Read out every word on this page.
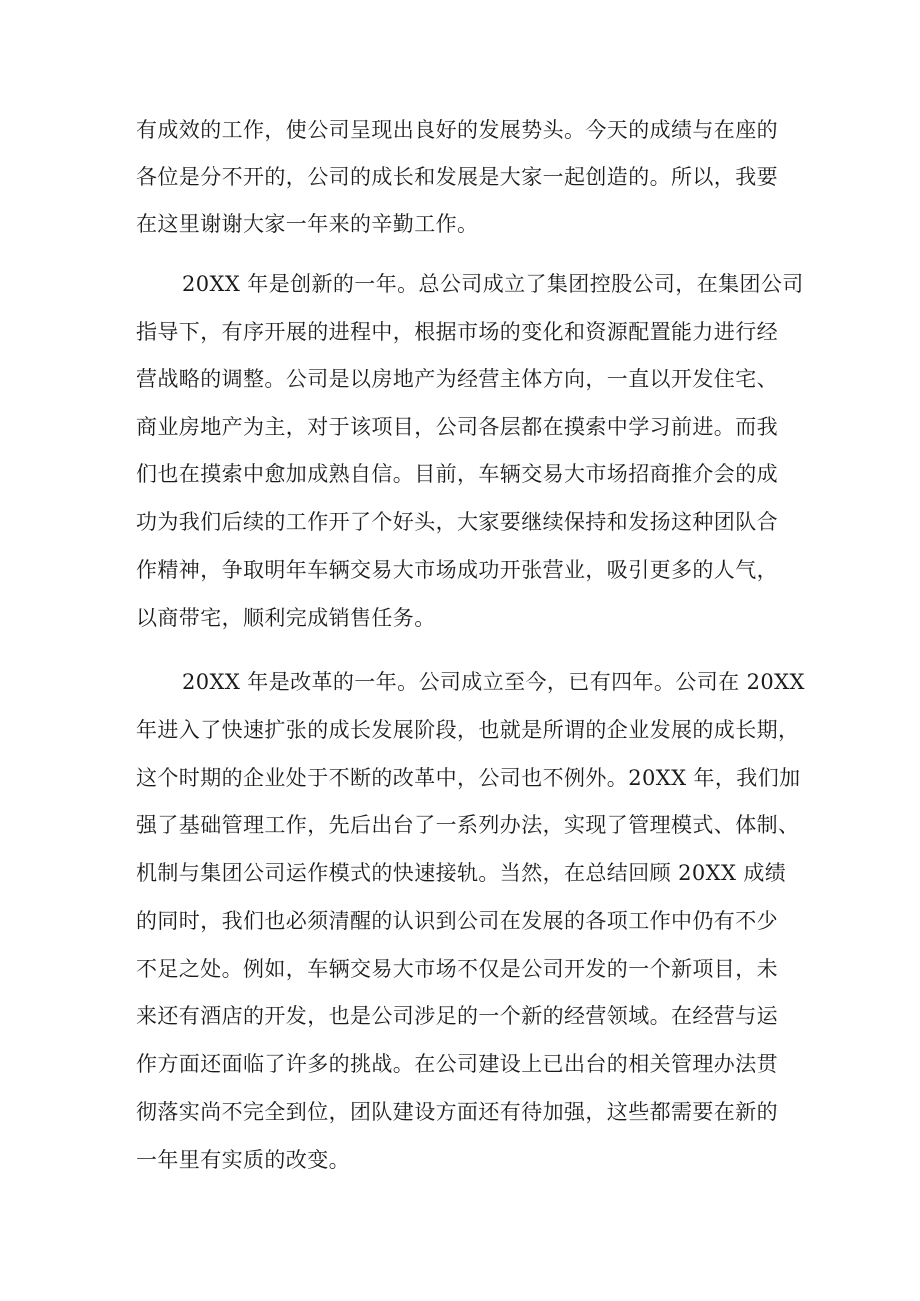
有成效的工作，使公司呈现出良好的发展势头。今天的成绩与在座的

各位是分不开的，公司的成长和发展是大家一起创造的。所以，我要

在这里谢谢大家一年来的辛勤工作。

20XX 年是创新的一年。总公司成立了集团控股公司，在集团公司

指导下，有序开展的进程中，根据市场的变化和资源配置能力进行经

营战略的调整。公司是以房地产为经营主体方向，一直以开发住宅、

商业房地产为主，对于该项目，公司各层都在摸索中学习前进。而我

们也在摸索中愈加成熟自信。目前，车辆交易大市场招商推介会的成

功为我们后续的工作开了个好头，大家要继续保持和发扬这种团队合

作精神，争取明年车辆交易大市场成功开张营业，吸引更多的人气，

以商带宅，顺利完成销售任务。

20XX 年是改革的一年。公司成立至今，已有四年。公司在 20XX

年进入了快速扩张的成长发展阶段，也就是所谓的企业发展的成长期，

这个时期的企业处于不断的改革中，公司也不例外。20XX 年，我们加

强了基础管理工作，先后出台了一系列办法，实现了管理模式、体制、

机制与集团公司运作模式的快速接轨。当然，在总结回顾 20XX 成绩

的同时，我们也必须清醒的认识到公司在发展的各项工作中仍有不少

不足之处。例如，车辆交易大市场不仅是公司开发的一个新项目，未

来还有酒店的开发，也是公司涉足的一个新的经营领域。在经营与运

作方面还面临了许多的挑战。在公司建设上已出台的相关管理办法贯

彻落实尚不完全到位，团队建设方面还有待加强，这些都需要在新的

一年里有实质的改变。
